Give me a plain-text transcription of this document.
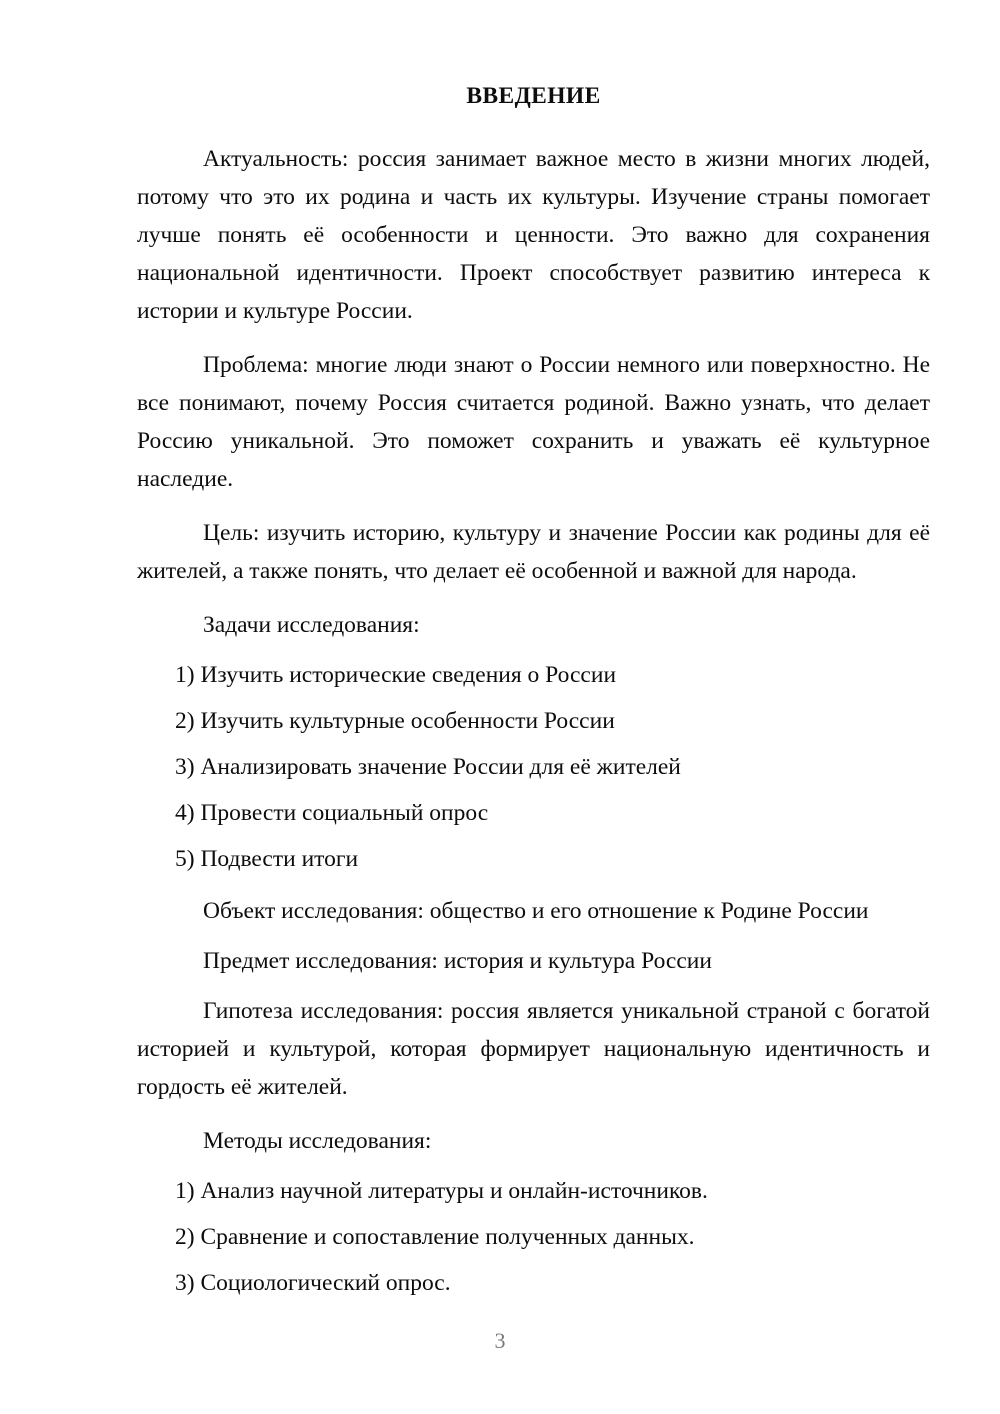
ВВЕДЕНИЕ

Актуальность: россия занимает важное место в жизни многих людей, потому что это их родина и часть их культуры. Изучение страны помогает лучше понять её особенности и ценности. Это важно для сохранения национальной идентичности. Проект способствует развитию интереса к истории и культуре России.

Проблема: многие люди знают о России немного или поверхностно. Не все понимают, почему Россия считается родиной. Важно узнать, что делает Россию уникальной. Это поможет сохранить и уважать её культурное наследие.

Цель: изучить историю, культуру и значение России как родины для её жителей, а также понять, что делает её особенной и важной для народа.

Задачи исследования:

1) Изучить исторические сведения о России
2) Изучить культурные особенности России
3) Анализировать значение России для её жителей
4) Провести социальный опрос
5) Подвести итоги

Объект исследования: общество и его отношение к Родине России

Предмет исследования: история и культура России

Гипотеза исследования: россия является уникальной страной с богатой историей и культурой, которая формирует национальную идентичность и гордость её жителей.

Методы исследования:

1) Анализ научной литературы и онлайн-источников.
2) Сравнение и сопоставление полученных данных.
3) Социологический опрос.
3
